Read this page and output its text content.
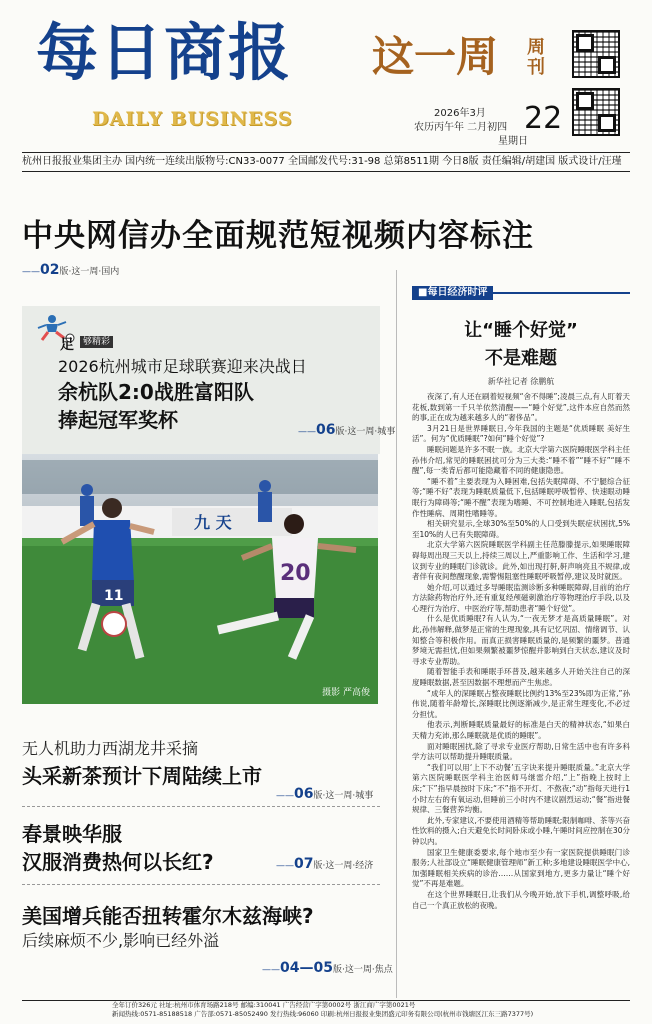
每日商报
DAILY BUSINESS
这一周 周刊
2026年3月
农历丙午年 二月初四
星期日
22
杭州日报报业集团主办 国内统一连续出版物号:CN33-0077 全国邮发代号:31-98 总第8511期 今日8版 责任编辑/胡建国 版式设计/汪瑾
中央网信办全面规范短视频内容标注
——02版·这一周·国内
足	够精彩
2026杭州城市足球联赛迎来决战日
余杭队2:0战胜富阳队
捧起冠军奖杯	——06版·这一周·城事
九 天
11
20
摄影 严高俊
无人机助力西湖龙井采摘
头采新茶预计下周陆续上市
——06版·这一周·城事
春景映华服
汉服消费热何以长红?	——07版·这一周·经济
美国增兵能否扭转霍尔木兹海峡?
后续麻烦不少,影响已经外溢
——04—05版·这一周·焦点
■每日经济时评
让“睡个好觉”
不是难题
新华社记者 徐鹏航

夜深了,有人还在刷着短视频“舍不得睡”;凌晨三点,有人盯着天花板,数到第一千只羊依然清醒——“睡个好觉”,这件本应自然而然的事,正在成为越来越多人的“奢侈品”。

3月21日是世界睡眠日,今年我国的主题是“优质睡眠 美好生活”。何为“优质睡眠”?如何“睡个好觉”?

睡眠问题是许多不眠一族。北京大学第六医院睡眠医学科主任孙伟介绍,常见的睡眠困扰可分为三大类:“睡不着”“睡不好”“睡不醒”,每一类背后都可能隐藏着不同的健康隐患。

“睡不着”主要表现为入睡困难,包括失眠障碍、不宁腿综合征等;“睡不好”表现为睡眠质量低下,包括睡眠呼吸暂停、快速眼动睡眠行为障碍等;“睡不醒”表现为嗜睡、不可控制地进入睡眠,包括发作性睡病、周期性嗜睡等。

相关研究显示,全球30%至50%的人口受到失眠症状困扰,5%至10%的人已有失眠障碍。

北京大学第六医院睡眠医学科副主任范滕滕提示,如果睡眠障碍每周出现三天以上,持续三周以上,严重影响工作、生活和学习,建议到专业的睡眠门诊就诊。此外,如出现打鼾,鼾声响亮且不规律,或者伴有夜间憋醒现象,需警惕阻塞性睡眠呼吸暂停,建议及时就医。

她介绍,可以通过多导睡眠监测诊断多种睡眠障碍,目前的治疗方法除药物治疗外,还有重复经颅磁刺激治疗等物理治疗手段,以及心理行为治疗、中医治疗等,帮助患者“睡个好觉”。

什么是优质睡眠?有人认为,“一夜无梦才是高质量睡眠”。对此,孙伟解释,做梦是正常的生理现象,具有记忆巩固、情绪调节、认知整合等积极作用。而真正损害睡眠质量的,是频繁的噩梦。普通梦境无需担忧,但如果频繁被噩梦惊醒并影响到白天状态,建议及时寻求专业帮助。

随着智能手表和睡眠手环普及,越来越多人开始关注自己的深度睡眠数据,甚至因数据不理想而产生焦虑。

“成年人的深睡眠占整夜睡眠比例约13%至23%即为正常,”孙伟说,随着年龄增长,深睡眠比例逐渐减少,是正常生理变化,不必过分担忧。

他表示,判断睡眠质量最好的标准是白天的精神状态,“如果白天精力充沛,那么睡眠就是优质的睡眠”。

面对睡眠困扰,除了寻求专业医疗帮助,日常生活中也有许多科学方法可以帮助提升睡眠质量。

“我们可以用‘上下不动餐’五字诀来提升睡眠质量。”北京大学第六医院睡眠医学科主治医师马继雷介绍,“上”指晚上按时上床;“下”指早晨按时下床;“不”指不开灯、不熬夜;“动”指每天进行1小时左右的有氧运动,但睡前三小时内不建议剧烈运动;“餐”指进餐规律、三餐营养均衡。

此外,专家建议,不要使用酒精等帮助睡眠;限制咖啡、茶等兴奋性饮料的摄入;白天避免长时间卧床或小睡,午睡时间应控制在30分钟以内。

国家卫生健康委要求,每个地市至少有一家医院提供睡眠门诊服务;人社部设立“睡眠健康管理师”新工种;多地建设睡眠医学中心,加强睡眠相关疾病的诊治……从国家到地方,更多力量让“睡个好觉”不再是难题。

在这个世界睡眠日,让我们从今晚开始,放下手机,调整呼吸,给自己一个真正放松的夜晚。

全年订价326元 社址:杭州市体育场路218号 邮编:310041 广告经营广字第0002号 浙江商广字第0021号
新闻热线:0571-85188518 广告部:0571-85052490 发行热线:96060 印刷:杭州日报报业集团盛元印务有限公司(杭州市钱塘区江东三路7377号)
